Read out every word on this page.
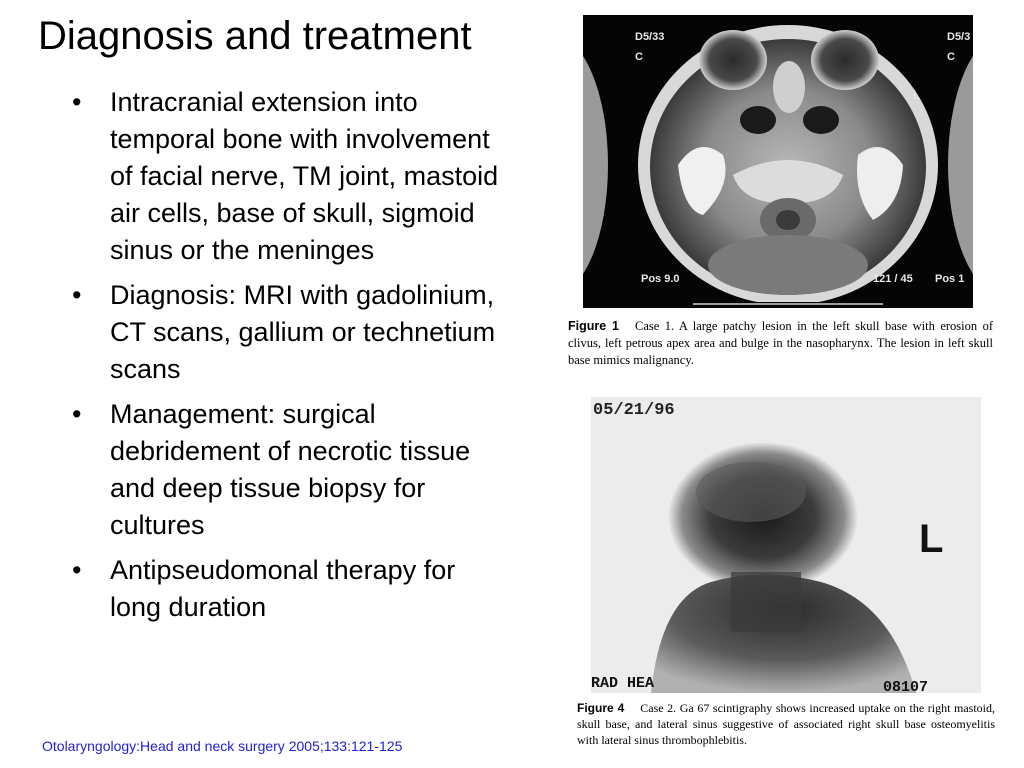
Diagnosis and treatment
• Intracranial extension into temporal bone with involvement of facial nerve, TM joint, mastoid air cells, base of skull, sigmoid sinus or the meninges
• Diagnosis: MRI with gadolinium, CT scans, gallium or technetium scans
• Management: surgical debridement of necrotic tissue and deep tissue biopsy for cultures
• Antipseudomonal therapy for long duration
Otolaryngology:Head and neck surgery 2005;133:121-125
D5/33
C
D5/3
C
L
Pos 9.0	121 / 45 Pos 1
Figure 1 Case 1. A large patchy lesion in the left skull base with erosion of clivus, left petrous apex area and bulge in the nasopharynx. The lesion in left skull base mimics malignancy.
05/21/96
L
RAD HEA	08107
Figure 4 Case 2. Ga 67 scintigraphy shows increased uptake on the right mastoid, skull base, and lateral sinus suggestive of associated right skull base osteomyelitis with lateral sinus thrombophlebitis.
